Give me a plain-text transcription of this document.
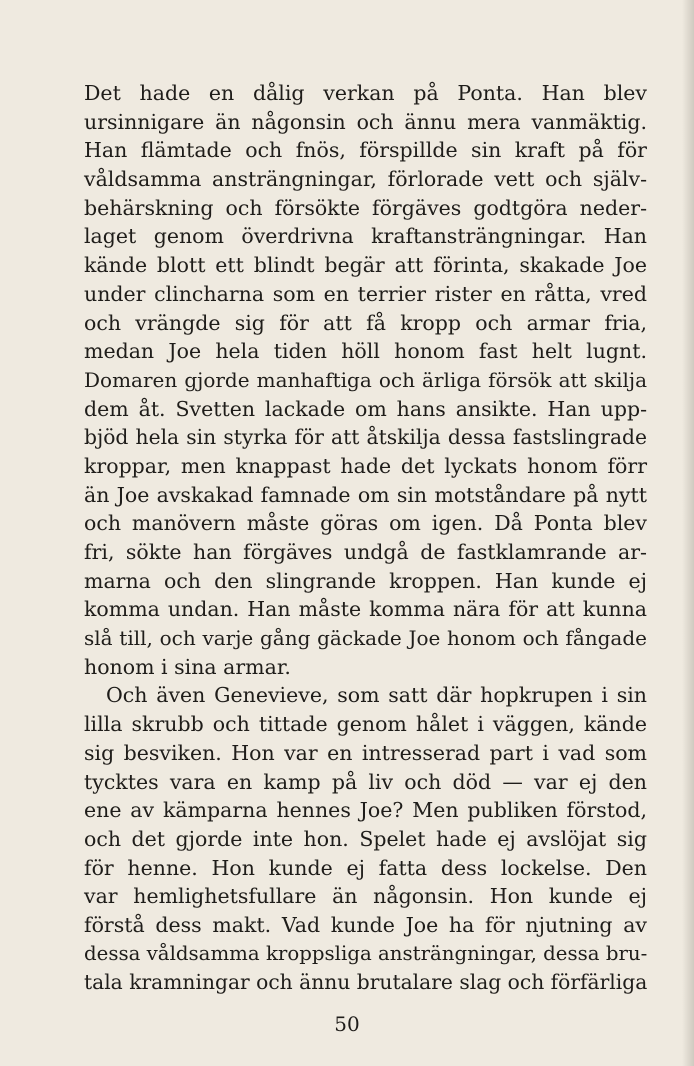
Det hade en dålig verkan på Ponta. Han blev
ursinnigare än någonsin och ännu mera vanmäktig.
Han flämtade och fnös, förspillde sin kraft på för
våldsamma ansträngningar, förlorade vett och själv-
behärskning och försökte förgäves godtgöra neder-
laget genom överdrivna kraftansträngningar. Han
kände blott ett blindt begär att förinta, skakade Joe
under clincharna som en terrier rister en råtta, vred
och vrängde sig för att få kropp och armar fria,
medan Joe hela tiden höll honom fast helt lugnt.
Domaren gjorde manhaftiga och ärliga försök att skilja
dem åt. Svetten lackade om hans ansikte. Han upp-
bjöd hela sin styrka för att åtskilja dessa fastslingrade
kroppar, men knappast hade det lyckats honom förr
än Joe avskakad famnade om sin motståndare på nytt
och manövern måste göras om igen. Då Ponta blev
fri, sökte han förgäves undgå de fastklamrande ar-
marna och den slingrande kroppen. Han kunde ej
komma undan. Han måste komma nära för att kunna
slå till, och varje gång gäckade Joe honom och fångade
honom i sina armar.
Och även Genevieve, som satt där hopkrupen i sin
lilla skrubb och tittade genom hålet i väggen, kände
sig besviken. Hon var en intresserad part i vad som
tycktes vara en kamp på liv och död — var ej den
ene av kämparna hennes Joe? Men publiken förstod,
och det gjorde inte hon. Spelet hade ej avslöjat sig
för henne. Hon kunde ej fatta dess lockelse. Den
var hemlighetsfullare än någonsin. Hon kunde ej
förstå dess makt. Vad kunde Joe ha för njutning av
dessa våldsamma kroppsliga ansträngningar, dessa bru-
tala kramningar och ännu brutalare slag och förfärliga
50
